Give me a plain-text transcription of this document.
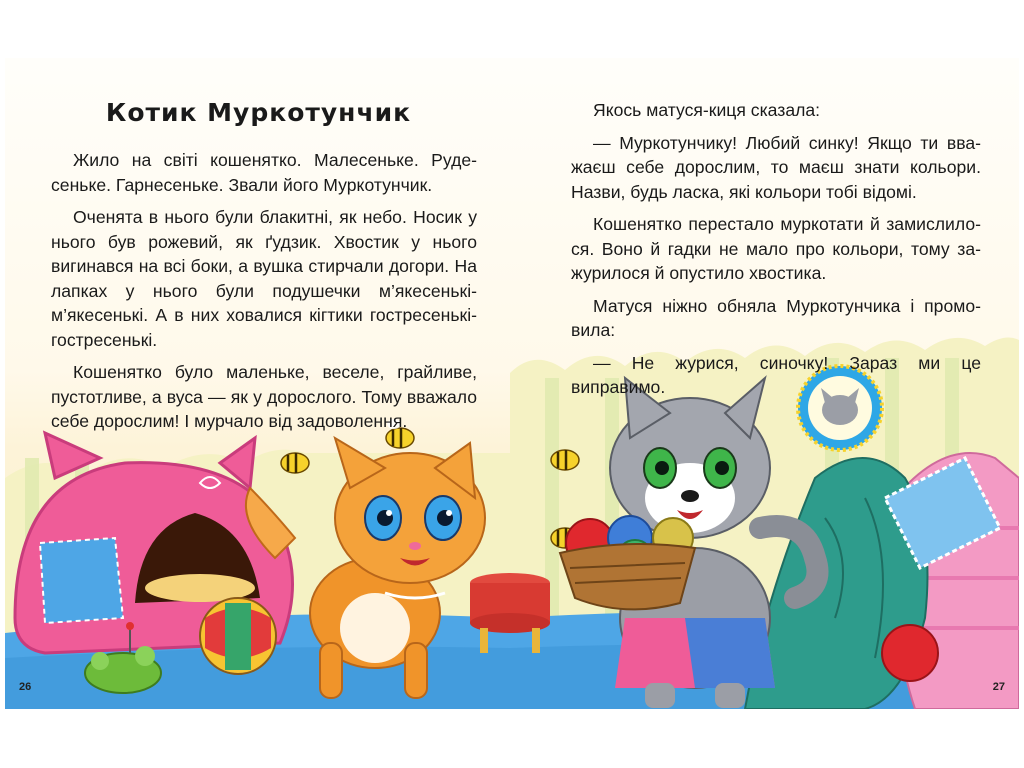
Котик Муркотунчик

Жило на світі кошенятко. Малесеньке. Рудесеньке. Гарнесеньке. Звали його Муркотунчик.

Оченята в нього були блакитні, як небо. Носик у нього був рожевий, як ґудзик. Хвостик у нього вигинався на всі боки, а вушка стирчали догори. На лапках у нього були подушечки м’якесенькі-м’якесенькі. А в них ховалися кігтики гостресенькі-гостресенькі.

Кошенятко було маленьке, веселе, грайливе, пустотливе, а вуса — як у дорослого. Тому вважало себе дорослим! І мурчало від задоволення.

26	27

Якось матуся-киця сказала:

— Муркотунчику! Любий синку! Якщо ти вважаєш себе дорослим, то маєш знати кольори. Назви, будь ласка, які кольори тобі відомі.

Кошенятко перестало муркотати й замислилося. Воно й гадки не мало про кольори, тому зажурилося й опустило хвостика.

Матуся ніжно обняла Муркотунчика і промовила:

— Не журися, синочку! Зараз ми це виправимо.
